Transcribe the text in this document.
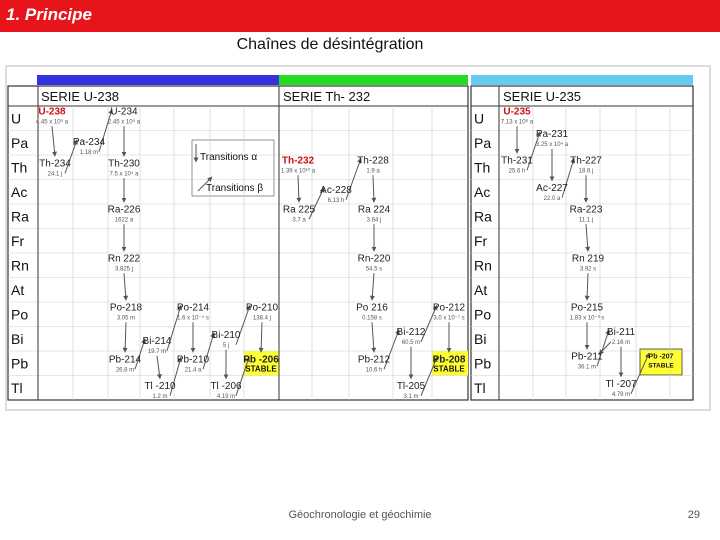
1. Principe
Chaînes de désintégration
SERIE U-238	SERIE Th- 232	SERIE U-235
U	U
Pa	Pa
Th	Th
Ac	Ac
Ra	Ra
Fr	Fr
Rn	Rn
At	At
Po	Po
Bi	Bi
Pb	Pb
Tl	Tl
U-238
4.45 x 10⁹ a
U-234
2.45 x 10⁵ a
Pa-234
1.18 m
Th-234
24.1 j
Th-230
7.5 x 10⁴ a
Ra-226
1622 a
Rn 222
3.825 j
Po-218
3.05 m
Po-214
1.6 x 10⁻⁴ s
Po-210
138.4 j
Bi-214
19.7 m
Bi-210
5 j
Pb-214
26.8 m
Pb-210
21.4 a
Pb -206
STABLE
Tl -210
1.2 m
Tl -206
4.19 m
Th-232
1.39 x 10¹⁰ a
Th-228
1.9 a
Ac-228
6.13 h
Ra 225
3.7 a
Ra 224
3.64 j
Rn-220
54.5 s
Po 216
0.158 s
Po-212
3.0 x 10⁻⁷ s
Bi-212
60.5 m
Pb-212
10.6 h
Pb-208
STABLE
Tl-205
3.1 m
U-235
7.13 x 10⁸ a
Pa-231
3.25 x 10⁴ a
Th-231
25.6 h
Th-227
18.6 j
Ac-227
22.0 a
Ra-223
11.1 j
Rn 219
3.92 s
Po-215
1.83 x 10⁻³ s
Bi-211
2.16 m
Pb-211
36.1 m
Pb -207
STABLE
Tl -207
4.79 m
Transitions α
Transitions β
Géochronologie et géochimie	29
